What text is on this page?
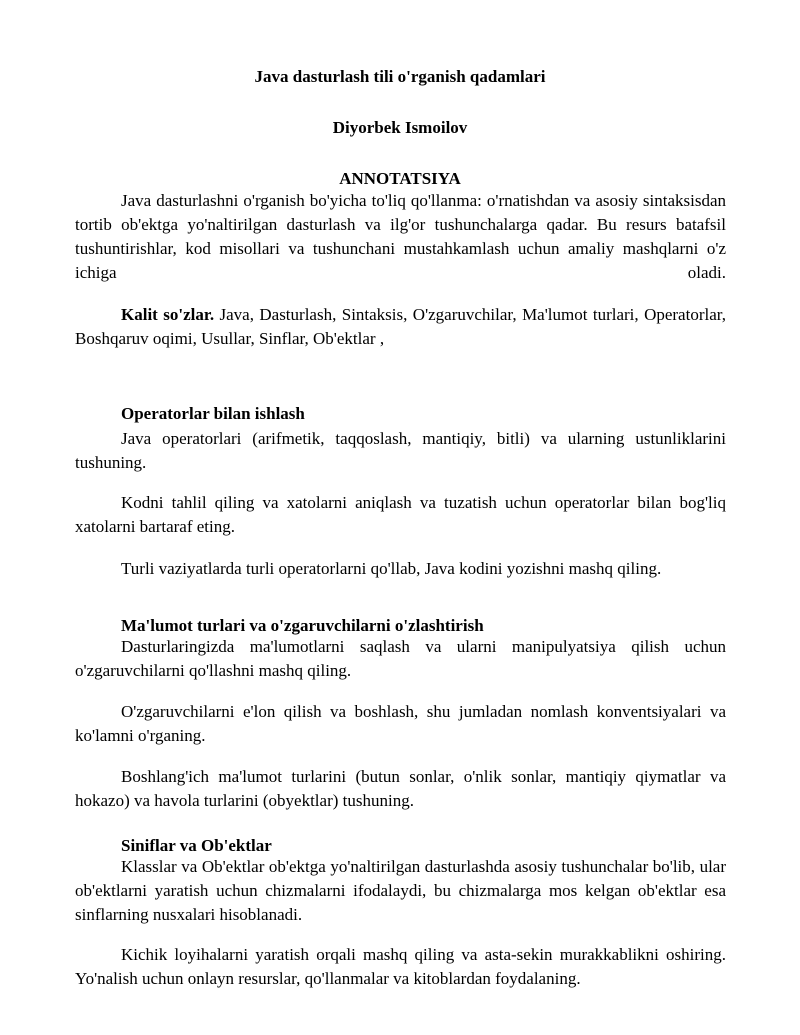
Java dasturlash tili o'rganish qadamlari
Diyorbek Ismoilov
ANNOTATSIYA

Java dasturlashni o'rganish bo'yicha to'liq qo'llanma: o'rnatishdan va asosiy sintaksisdan tortib ob'ektga yo'naltirilgan dasturlash va ilg'or tushunchalarga qadar. Bu resurs batafsil tushuntirishlar, kod misollari va tushunchani mustahkamlash uchun amaliy mashqlarni o'z ichiga oladi.

Kalit so'zlar. Java, Dasturlash, Sintaksis, O'zgaruvchilar, Ma'lumot turlari, Operatorlar, Boshqaruv oqimi, Usullar, Sinflar, Ob'ektlar ,

Operatorlar bilan ishlash

Java operatorlari (arifmetik, taqqoslash, mantiqiy, bitli) va ularning ustunliklarini tushuning.

Kodni tahlil qiling va xatolarni aniqlash va tuzatish uchun operatorlar bilan bog'liq xatolarni bartaraf eting.

Turli vaziyatlarda turli operatorlarni qo'llab, Java kodini yozishni mashq qiling.

Ma'lumot turlari va o'zgaruvchilarni o'zlashtirish

Dasturlaringizda ma'lumotlarni saqlash va ularni manipulyatsiya qilish uchun o'zgaruvchilarni qo'llashni mashq qiling.

O'zgaruvchilarni e'lon qilish va boshlash, shu jumladan nomlash konventsiyalari va ko'lamni o'rganing.

Boshlang'ich ma'lumot turlarini (butun sonlar, o'nlik sonlar, mantiqiy qiymatlar va hokazo) va havola turlarini (obyektlar) tushuning.

Siniflar va Ob'ektlar

Klasslar va Ob'ektlar ob'ektga yo'naltirilgan dasturlashda asosiy tushunchalar bo'lib, ular ob'ektlarni yaratish uchun chizmalarni ifodalaydi, bu chizmalarga mos kelgan ob'ektlar esa sinflarning nusxalari hisoblanadi.

Kichik loyihalarni yaratish orqali mashq qiling va asta-sekin murakkablikni oshiring. Yo'nalish uchun onlayn resurslar, qo'llanmalar va kitoblardan foydalaning.
